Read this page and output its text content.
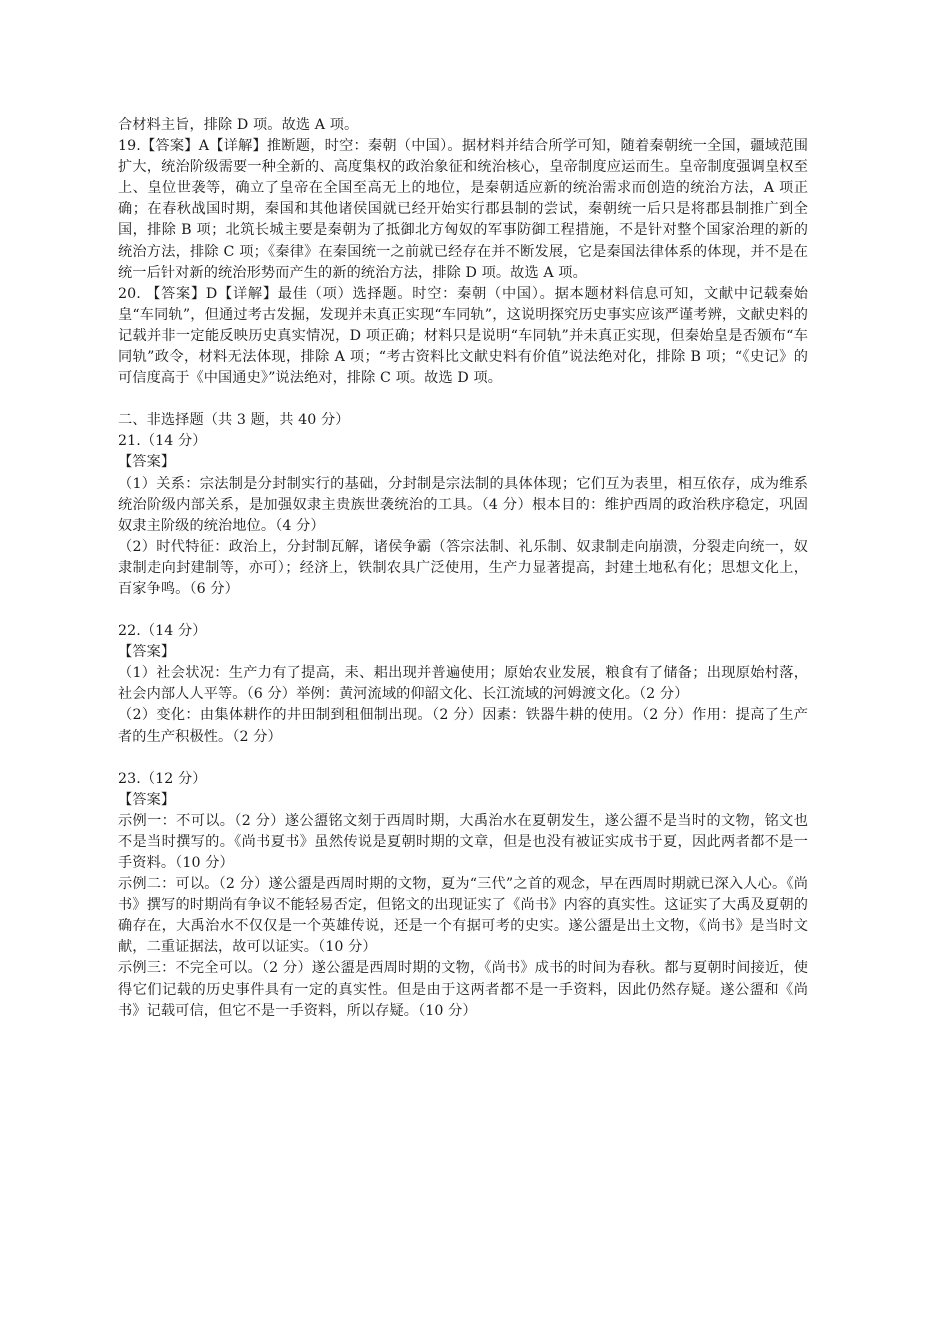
合材料主旨，排除 D 项。故选 A 项。

19.【答案】A【详解】推断题，时空：秦朝（中国）。据材料并结合所学可知，随着秦朝统一全国，疆域范围扩大，统治阶级需要一种全新的、高度集权的政治象征和统治核心，皇帝制度应运而生。皇帝制度强调皇权至上、皇位世袭等，确立了皇帝在全国至高无上的地位，是秦朝适应新的统治需求而创造的统治方法，A 项正确；在春秋战国时期，秦国和其他诸侯国就已经开始实行郡县制的尝试，秦朝统一后只是将郡县制推广到全国，排除 B 项；北筑长城主要是秦朝为了抵御北方匈奴的军事防御工程措施，不是针对整个国家治理的新的统治方法，排除 C 项；《秦律》在秦国统一之前就已经存在并不断发展，它是秦国法律体系的体现，并不是在统一后针对新的统治形势而产生的新的统治方法，排除 D 项。故选 A 项。

20. 【答案】D【详解】最佳（项）选择题。时空：秦朝（中国）。据本题材料信息可知，文献中记载秦始皇“车同轨”，但通过考古发掘，发现并未真正实现“车同轨”，这说明探究历史事实应该严谨考辨，文献史料的记载并非一定能反映历史真实情况，D 项正确；材料只是说明“车同轨”并未真正实现，但秦始皇是否颁布“车同轨”政令，材料无法体现，排除 A 项；“考古资料比文献史料有价值”说法绝对化，排除 B 项；“《史记》的可信度高于《中国通史》”说法绝对，排除 C 项。故选 D 项。

二、非选择题（共 3 题，共 40 分）

21.（14 分）

【答案】

（1）关系：宗法制是分封制实行的基础，分封制是宗法制的具体体现；它们互为表里，相互依存，成为维系统治阶级内部关系，是加强奴隶主贵族世袭统治的工具。（4 分）根本目的：维护西周的政治秩序稳定，巩固奴隶主阶级的统治地位。（4 分）

（2）时代特征：政治上，分封制瓦解，诸侯争霸（答宗法制、礼乐制、奴隶制走向崩溃，分裂走向统一，奴隶制走向封建制等，亦可）；经济上，铁制农具广泛使用，生产力显著提高，封建土地私有化；思想文化上，百家争鸣。（6 分）

22.（14 分）

【答案】

（1）社会状况：生产力有了提高，耒、耜出现并普遍使用；原始农业发展，粮食有了储备；出现原始村落，社会内部人人平等。（6 分）举例：黄河流域的仰韶文化、长江流域的河姆渡文化。（2 分）

（2）变化：由集体耕作的井田制到租佃制出现。（2 分）因素：铁器牛耕的使用。（2 分）作用：提高了生产者的生产积极性。（2 分）

23.（12 分）

【答案】

示例一：不可以。（2 分）遂公盨铭文刻于西周时期，大禹治水在夏朝发生，遂公盨不是当时的文物，铭文也不是当时撰写的。《尚书夏书》虽然传说是夏朝时期的文章，但是也没有被证实成书于夏，因此两者都不是一手资料。（10 分）

示例二：可以。（2 分）遂公盨是西周时期的文物，夏为“三代”之首的观念，早在西周时期就已深入人心。《尚书》撰写的时期尚有争议不能轻易否定，但铭文的出现证实了《尚书》内容的真实性。这证实了大禹及夏朝的确存在，大禹治水不仅仅是一个英雄传说，还是一个有据可考的史实。遂公盨是出土文物，《尚书》是当时文献，二重证据法，故可以证实。（10 分）

示例三：不完全可以。（2 分）遂公盨是西周时期的文物，《尚书》成书的时间为春秋。都与夏朝时间接近，使得它们记载的历史事件具有一定的真实性。但是由于这两者都不是一手资料，因此仍然存疑。遂公盨和《尚书》记载可信，但它不是一手资料，所以存疑。（10 分）
